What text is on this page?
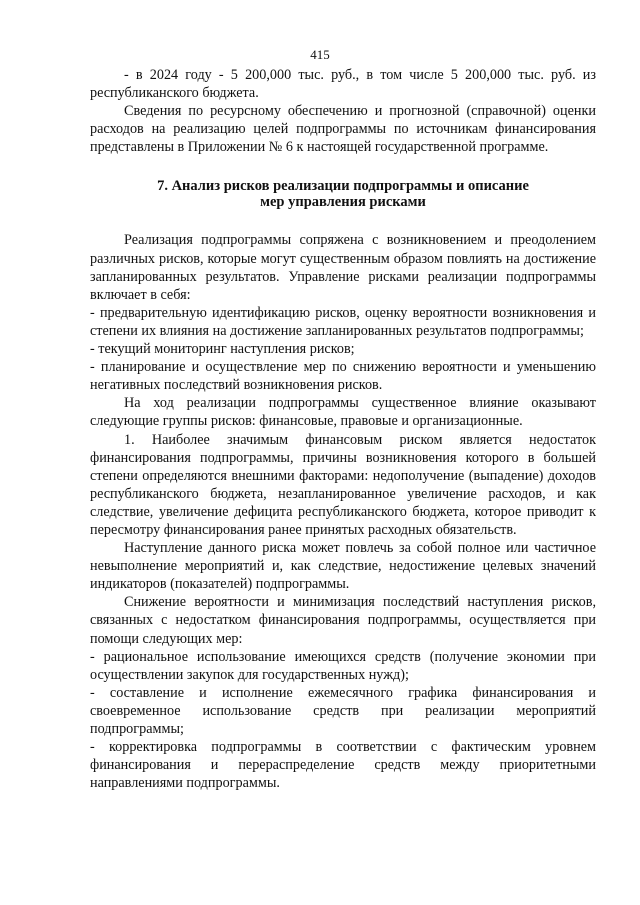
415

- в 2024 году - 5 200,000 тыс. руб., в том числе 5 200,000 тыс. руб. из республиканского бюджета.

Сведения по ресурсному обеспечению и прогнозной (справочной) оценки расходов на реализацию целей подпрограммы по источникам финансирования представлены в Приложении № 6 к настоящей государственной программе.

7. Анализ рисков реализации подпрограммы и описание

мер управления рисками

Реализация подпрограммы сопряжена с возникновением и преодолением различных рисков, которые могут существенным образом повлиять на достижение запланированных результатов. Управление рисками реализации подпрограммы включает в себя:

- предварительную идентификацию рисков, оценку вероятности возникновения и степени их влияния на достижение запланированных результатов подпрограммы;

- текущий мониторинг наступления рисков;

- планирование и осуществление мер по снижению вероятности и уменьшению негативных последствий возникновения рисков.

На ход реализации подпрограммы существенное влияние оказывают следующие группы рисков: финансовые, правовые и организационные.

1. Наиболее значимым финансовым риском является недостаток финансирования подпрограммы, причины возникновения которого в большей степени определяются внешними факторами: недополучение (выпадение) доходов республиканского бюджета, незапланированное увеличение расходов, и как следствие, увеличение дефицита республиканского бюджета, которое приводит к пересмотру финансирования ранее принятых расходных обязательств.

Наступление данного риска может повлечь за собой полное или частичное невыполнение мероприятий и, как следствие, недостижение целевых значений индикаторов (показателей) подпрограммы.

Снижение вероятности и минимизация последствий наступления рисков, связанных с недостатком финансирования подпрограммы, осуществляется при помощи следующих мер:

- рациональное использование имеющихся средств (получение экономии при осуществлении закупок для государственных нужд);

- составление и исполнение ежемесячного графика финансирования и своевременное использование средств при реализации мероприятий подпрограммы;

- корректировка подпрограммы в соответствии с фактическим уровнем финансирования и перераспределение средств между приоритетными направлениями подпрограммы.
